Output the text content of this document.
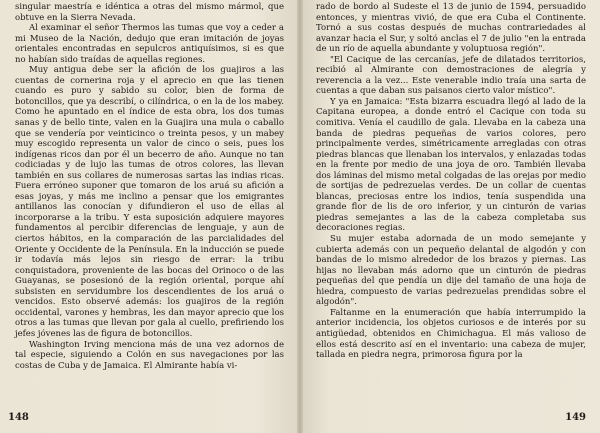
singular maestría e idéntica a otras del mismo mármol, que obtuve en la Sierra Nevada.

Al examinar el señor Thermos las tumas que voy a ceder a mi Museo de la Nación, dedujo que eran imitación de joyas orientales encontradas en sepulcros antiquísimos, si es que no habían sido traídas de aquellas regiones.

Muy antigua debe ser la afición de los guajiros a las cuentas de cornerina roja y el aprecio en que las tienen cuando es puro y sabido su color, bien de forma de botoncillos, que ya describí, o cilíndrica, o en la de los mabey. Como he apuntado en el índice de esta obra, los dos tumas sanas y de bello tinte, valen en la Guajira una mula o caballo que se vendería por veinticinco o treinta pesos, y un mabey muy escogido representa un valor de cinco o seis, pues los indígenas ricos dan por él un becerro de año. Aunque no tan codiciadas y de lujo las tumas de otros colores, las llevan también en sus collares de numerosas sartas las indias ricas. Fuera erróneo suponer que tomaron de los aruá su afición a esas joyas, y más me inclino a pensar que los emigrantes antillanos las conocían y difundieron el uso de ellas al incorporarse a la tribu. Y esta suposición adquiere mayores fundamentos al percibir diferencias de lenguaje, y aun de ciertos hábitos, en la comparación de las parcialidades del Oriente y Occidente de la Península. En la inducción se puede ir todavía más lejos sin riesgo de errar: la tribu conquistadora, proveniente de las bocas del Orinoco o de las Guayanas, se posesionó de la región oriental, porque ahí subsisten en servidumbre los descendientes de los aruá o vencidos. Esto observé además: los guajiros de la región occidental, varones y hembras, les dan mayor aprecio que los otros a las tumas que llevan por gala al cuello, prefiriendo los jefes jóvenes las de figura de botoncillos.

Washington Irving menciona más de una vez adornos de tal especie, siguiendo a Colón en sus navegaciones por las costas de Cuba y de Jamaica. El Almirante había vi-

148

rado de bordo al Sudeste el 13 de junio de 1594, persuadido entonces, y mientras vivió, de que era Cuba el Continente. Tornó a sus costas después de muchas contrariedades al avanzar hacia el Sur, y soltó anclas el 7 de julio "en la entrada de un río de aquella abundante y voluptuosa región".

"El Cacique de las cercanías, jefe de dilatados territorios, recibió al Almirante con demostraciones de alegría y reverencia a la vez... Este venerable indio traía una sarta de cuentas a que daban sus paisanos cierto valor místico".

Y ya en Jamaica: "Esta bizarra escuadra llegó al lado de la Capitana europea, a donde entró el Cacique con toda su comitiva. Venía el caudillo de gala. Llevaba en la cabeza una banda de piedras pequeñas de varios colores, pero principalmente verdes, simétricamente arregladas con otras piedras blancas que llenaban los intervalos, y enlazadas todas en la frente por medio de una joya de oro. También llevaba dos láminas del mismo metal colgadas de las orejas por medio de sortijas de pedrezuelas verdes. De un collar de cuentas blancas, preciosas entre los indios, tenía suspendida una grande flor de lis de oro inferior, y un cinturón de varias piedras semejantes a las de la cabeza completaba sus decoraciones regias.

Su mujer estaba adornada de un modo semejante y cubierta además con un pequeño delantal de algodón y con bandas de lo mismo alrededor de los brazos y piernas. Las hijas no llevaban más adorno que un cinturón de piedras pequeñas del que pendía un dije del tamaño de una hoja de hiedra, compuesto de varias pedrezuelas prendidas sobre el algodón".

Faltanme en la enumeración que había interrumpido la anterior incidencia, los objetos curiosos e de interés por su antigüedad, obtenidos en Chimichagua. El más valioso de ellos está descrito así en el inventario: una cabeza de mujer, tallada en piedra negra, primorosa figura por la

149
